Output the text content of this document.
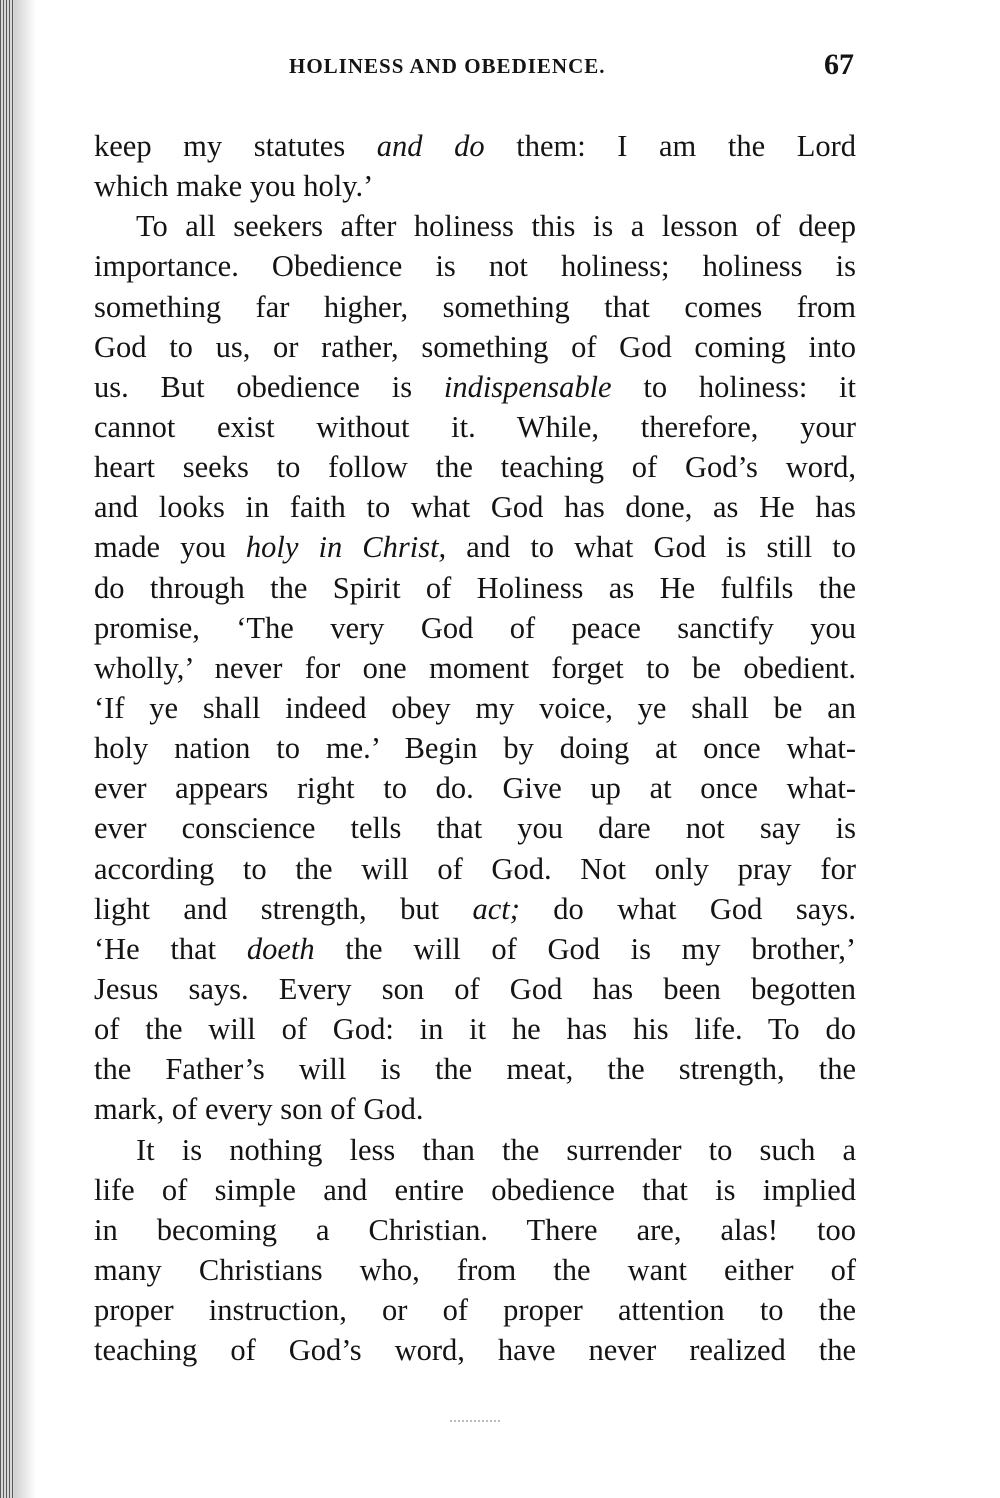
HOLINESS AND OBEDIENCE.	67
keep my statutes and do them: I am the Lord
which make you holy.’
To all seekers after holiness this is a lesson of deep
importance. Obedience is not holiness; holiness is
something far higher, something that comes from
God to us, or rather, something of God coming into
us. But obedience is indispensable to holiness: it
cannot exist without it. While, therefore, your
heart seeks to follow the teaching of God’s word,
and looks in faith to what God has done, as He has
made you holy in Christ, and to what God is still to
do through the Spirit of Holiness as He fulfils the
promise, ‘The very God of peace sanctify you
wholly,’ never for one moment forget to be obedient.
‘If ye shall indeed obey my voice, ye shall be an
holy nation to me.’ Begin by doing at once what-
ever appears right to do. Give up at once what-
ever conscience tells that you dare not say is
according to the will of God. Not only pray for
light and strength, but act; do what God says.
‘He that doeth the will of God is my brother,’
Jesus says. Every son of God has been begotten
of the will of God: in it he has his life. To do
the Father’s will is the meat, the strength, the
mark, of every son of God.
It is nothing less than the surrender to such a
life of simple and entire obedience that is implied
in becoming a Christian. There are, alas! too
many Christians who, from the want either of
proper instruction, or of proper attention to the
teaching of God’s word, have never realized the
